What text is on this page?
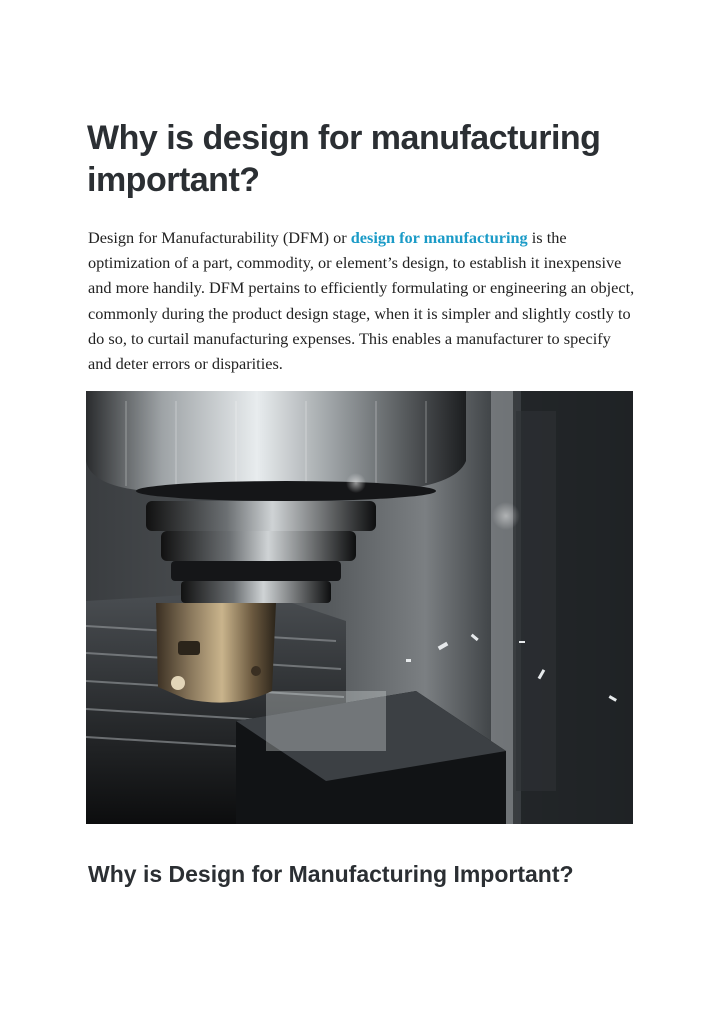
Why is design for manufacturing important?

Design for Manufacturability (DFM) or design for manufacturing is the optimization of a part, commodity, or element’s design, to establish it inexpensive and more handily. DFM pertains to efficiently formulating or engineering an object, commonly during the product design stage, when it is simpler and slightly costly to do so, to curtail manufacturing expenses. This enables a manufacturer to specify and deter errors or disparities.

Why is Design for Manufacturing Important?
